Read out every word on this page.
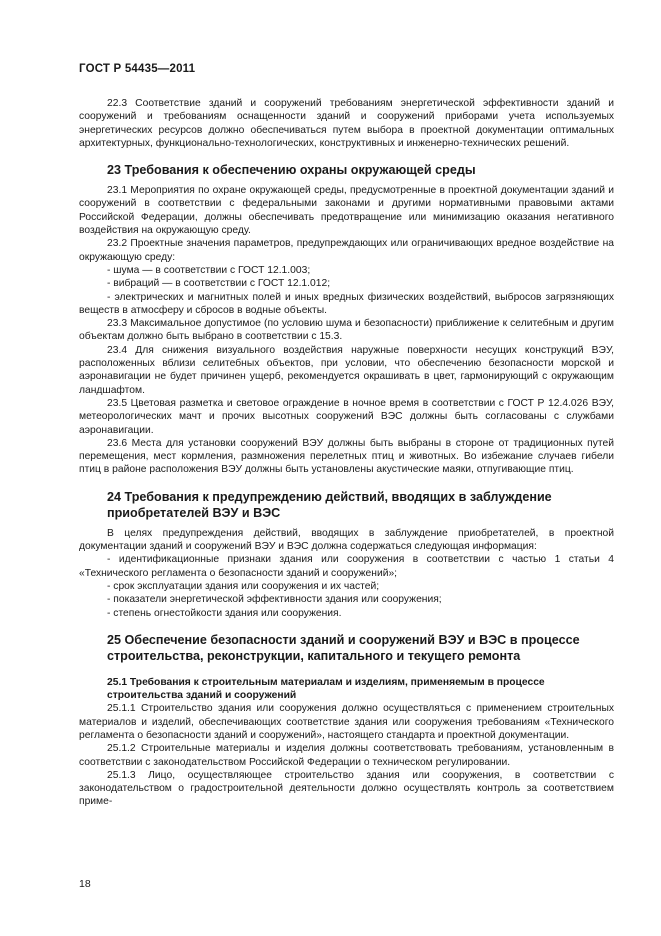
ГОСТ Р 54435—2011

22.3 Соответствие зданий и сооружений требованиям энергетической эффективности зданий и сооружений и требованиям оснащенности зданий и сооружений приборами учета используемых энергетических ресурсов должно обеспечиваться путем выбора в проектной документации оптимальных архитектурных, функционально-технологических, конструктивных и инженерно-технических решений.

23 Требования к обеспечению охраны окружающей среды

23.1 Мероприятия по охране окружающей среды, предусмотренные в проектной документации зданий и сооружений в соответствии с федеральными законами и другими нормативными правовыми актами Российской Федерации, должны обеспечивать предотвращение или минимизацию оказания негативного воздействия на окружающую среду.

23.2 Проектные значения параметров, предупреждающих или ограничивающих вредное воздействие на окружающую среду:

- шума — в соответствии с ГОСТ 12.1.003;

- вибраций — в соответствии с ГОСТ 12.1.012;

- электрических и магнитных полей и иных вредных физических воздействий, выбросов загрязняющих веществ в атмосферу и сбросов в водные объекты.

23.3 Максимальное допустимое (по условию шума и безопасности) приближение к селитебным и другим объектам должно быть выбрано в соответствии с 15.3.

23.4 Для снижения визуального воздействия наружные поверхности несущих конструкций ВЭУ, расположенных вблизи селитебных объектов, при условии, что обеспечению безопасности морской и аэронавигации не будет причинен ущерб, рекомендуется окрашивать в цвет, гармонирующий с окружающим ландшафтом.

23.5 Цветовая разметка и световое ограждение в ночное время в соответствии с ГОСТ Р 12.4.026 ВЭУ, метеорологических мачт и прочих высотных сооружений ВЭС должны быть согласованы с службами аэронавигации.

23.6 Места для установки сооружений ВЭУ должны быть выбраны в стороне от традиционных путей перемещения, мест кормления, размножения перелетных птиц и животных. Во избежание случаев гибели птиц в районе расположения ВЭУ должны быть установлены акустические маяки, отпугивающие птиц.

24 Требования к предупреждению действий, вводящих в заблуждение приобретателей ВЭУ и ВЭС

В целях предупреждения действий, вводящих в заблуждение приобретателей, в проектной документации зданий и сооружений ВЭУ и ВЭС должна содержаться следующая информация:

- идентификационные признаки здания или сооружения в соответствии с частью 1 статьи 4 «Технического регламента о безопасности зданий и сооружений»;

- срок эксплуатации здания или сооружения и их частей;

- показатели энергетической эффективности здания или сооружения;

- степень огнестойкости здания или сооружения.

25 Обеспечение безопасности зданий и сооружений ВЭУ и ВЭС в процессе строительства, реконструкции, капитального и текущего ремонта

25.1 Требования к строительным материалам и изделиям, применяемым в процессе строительства зданий и сооружений

25.1.1 Строительство здания или сооружения должно осуществляться с применением строительных материалов и изделий, обеспечивающих соответствие здания или сооружения требованиям «Технического регламента о безопасности зданий и сооружений», настоящего стандарта и проектной документации.

25.1.2 Строительные материалы и изделия должны соответствовать требованиям, установленным в соответствии с законодательством Российской Федерации о техническом регулировании.

25.1.3 Лицо, осуществляющее строительство здания или сооружения, в соответствии с законодательством о градостроительной деятельности должно осуществлять контроль за соответствием приме-

18
